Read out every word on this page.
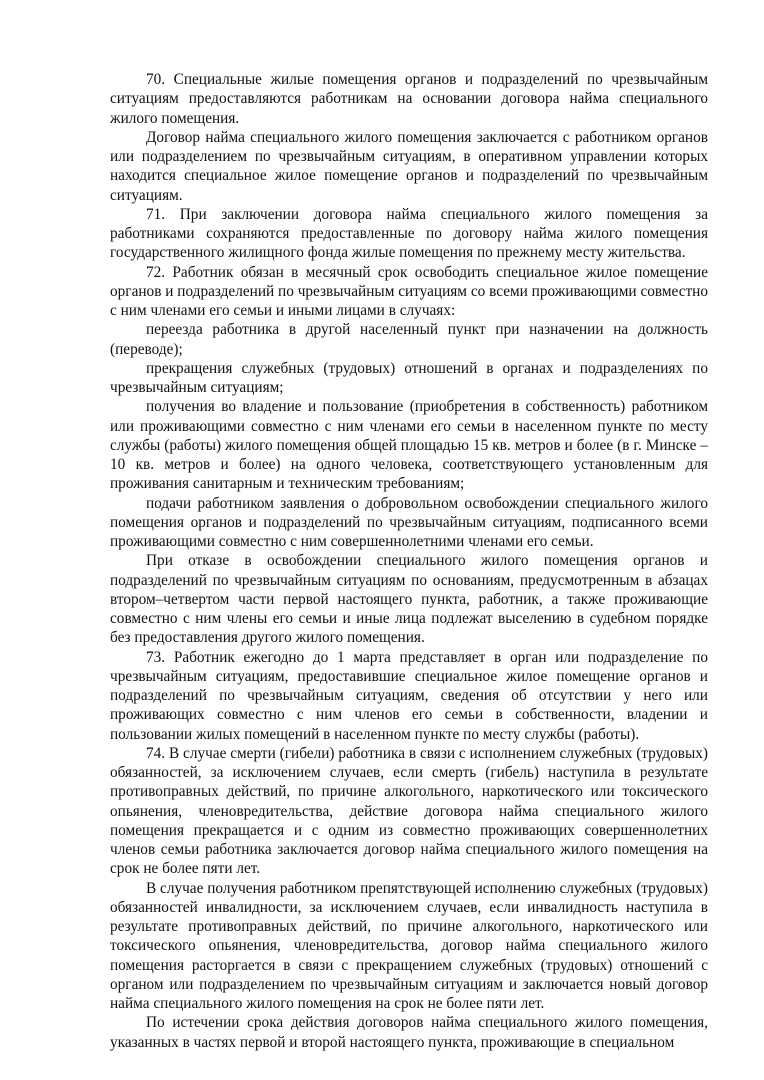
70. Специальные жилые помещения органов и подразделений по чрезвычайным ситуациям предоставляются работникам на основании договора найма специального жилого помещения.

Договор найма специального жилого помещения заключается с работником органов или подразделением по чрезвычайным ситуациям, в оперативном управлении которых находится специальное жилое помещение органов и подразделений по чрезвычайным ситуациям.

71. При заключении договора найма специального жилого помещения за работниками сохраняются предоставленные по договору найма жилого помещения государственного жилищного фонда жилые помещения по прежнему месту жительства.

72. Работник обязан в месячный срок освободить специальное жилое помещение органов и подразделений по чрезвычайным ситуациям со всеми проживающими совместно с ним членами его семьи и иными лицами в случаях:

переезда работника в другой населенный пункт при назначении на должность (переводе);

прекращения служебных (трудовых) отношений в органах и подразделениях по чрезвычайным ситуациям;

получения во владение и пользование (приобретения в собственность) работником или проживающими совместно с ним членами его семьи в населенном пункте по месту службы (работы) жилого помещения общей площадью 15 кв. метров и более (в г. Минске – 10 кв. метров и более) на одного человека, соответствующего установленным для проживания санитарным и техническим требованиям;

подачи работником заявления о добровольном освобождении специального жилого помещения органов и подразделений по чрезвычайным ситуациям, подписанного всеми проживающими совместно с ним совершеннолетними членами его семьи.

При отказе в освобождении специального жилого помещения органов и подразделений по чрезвычайным ситуациям по основаниям, предусмотренным в абзацах втором–четвертом части первой настоящего пункта, работник, а также проживающие совместно с ним члены его семьи и иные лица подлежат выселению в судебном порядке без предоставления другого жилого помещения.

73. Работник ежегодно до 1 марта представляет в орган или подразделение по чрезвычайным ситуациям, предоставившие специальное жилое помещение органов и подразделений по чрезвычайным ситуациям, сведения об отсутствии у него или проживающих совместно с ним членов его семьи в собственности, владении и пользовании жилых помещений в населенном пункте по месту службы (работы).

74. В случае смерти (гибели) работника в связи с исполнением служебных (трудовых) обязанностей, за исключением случаев, если смерть (гибель) наступила в результате противоправных действий, по причине алкогольного, наркотического или токсического опьянения, членовредительства, действие договора найма специального жилого помещения прекращается и с одним из совместно проживающих совершеннолетних членов семьи работника заключается договор найма специального жилого помещения на срок не более пяти лет.

В случае получения работником препятствующей исполнению служебных (трудовых) обязанностей инвалидности, за исключением случаев, если инвалидность наступила в результате противоправных действий, по причине алкогольного, наркотического или токсического опьянения, членовредительства, договор найма специального жилого помещения расторгается в связи с прекращением служебных (трудовых) отношений с органом или подразделением по чрезвычайным ситуациям и заключается новый договор найма специального жилого помещения на срок не более пяти лет.

По истечении срока действия договоров найма специального жилого помещения, указанных в частях первой и второй настоящего пункта, проживающие в специальном
